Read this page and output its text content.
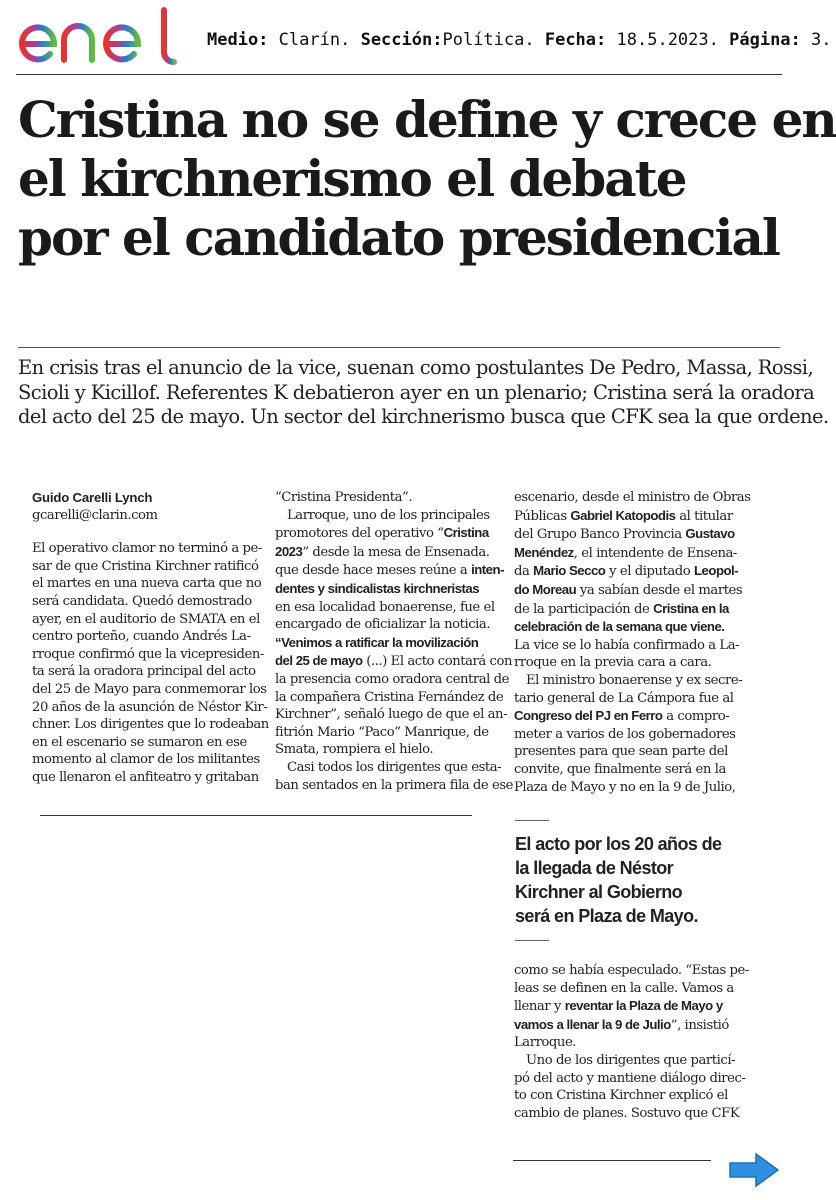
Medio: Clarín. Sección:Política. Fecha: 18.5.2023. Página: 3.
Cristina no se define y crece en
el kirchnerismo el debate
por el candidato presidencial

En crisis tras el anuncio de la vice, suenan como postulantes De Pedro, Massa, Rossi,
Scioli y Kicillof. Referentes K debatieron ayer en un plenario; Cristina será la oradora
del acto del 25 de mayo. Un sector del kirchnerismo busca que CFK sea la que ordene.

Guido Carelli Lynch
gcarelli@clarin.com
El operativo clamor no terminó a pe-
sar de que Cristina Kirchner ratificó
el martes en una nueva carta que no
será candidata. Quedó demostrado
ayer, en el auditorio de SMATA en el
centro porteño, cuando Andrés La-
rroque confirmó que la vicepresiden-
ta será la oradora principal del acto
del 25 de Mayo para conmemorar los
20 años de la asunción de Néstor Kir-
chner. Los dirigentes que lo rodeaban
en el escenario se sumaron en ese
momento al clamor de los militantes
que llenaron el anfiteatro y gritaban
“Cristina Presidenta”.
Larroque, uno de los principales
promotores del operativo “Cristina
2023” desde la mesa de Ensenada.
que desde hace meses reúne a inten-
dentes y sindicalistas kirchneristas
en esa localidad bonaerense, fue el
encargado de oficializar la noticia.
“Venimos a ratificar la movilización
del 25 de mayo (...) El acto contará con
la presencia como oradora central de
la compañera Cristina Fernández de
Kirchner”, señaló luego de que el an-
fitrión Mario “Paco” Manrique, de
Smata, rompiera el hielo.
Casi todos los dirigentes que esta-
ban sentados en la primera fila de ese
escenario, desde el ministro de Obras
Públicas Gabriel Katopodis al titular
del Grupo Banco Provincia Gustavo
Menéndez, el intendente de Ensena-
da Mario Secco y el diputado Leopol-
do Moreau ya sabían desde el martes
de la participación de Cristina en la
celebración de la semana que viene.
La vice se lo había confirmado a La-
rroque en la previa cara a cara.
El ministro bonaerense y ex secre-
tario general de La Cámpora fue al
Congreso del PJ en Ferro a compro-
meter a varios de los gobernadores
presentes para que sean parte del
convite, que finalmente será en la
Plaza de Mayo y no en la 9 de Julio,

El acto por los 20 años de
la llegada de Néstor
Kirchner al Gobierno
será en Plaza de Mayo.

como se había especulado. “Estas pe-
leas se definen en la calle. Vamos a
llenar y reventar la Plaza de Mayo y
vamos a llenar la 9 de Julio”, insistió
Larroque.
Uno de los dirigentes que particí-
pó del acto y mantiene diálogo direc-
to con Cristina Kirchner explicó el
cambio de planes. Sostuvo que CFK
